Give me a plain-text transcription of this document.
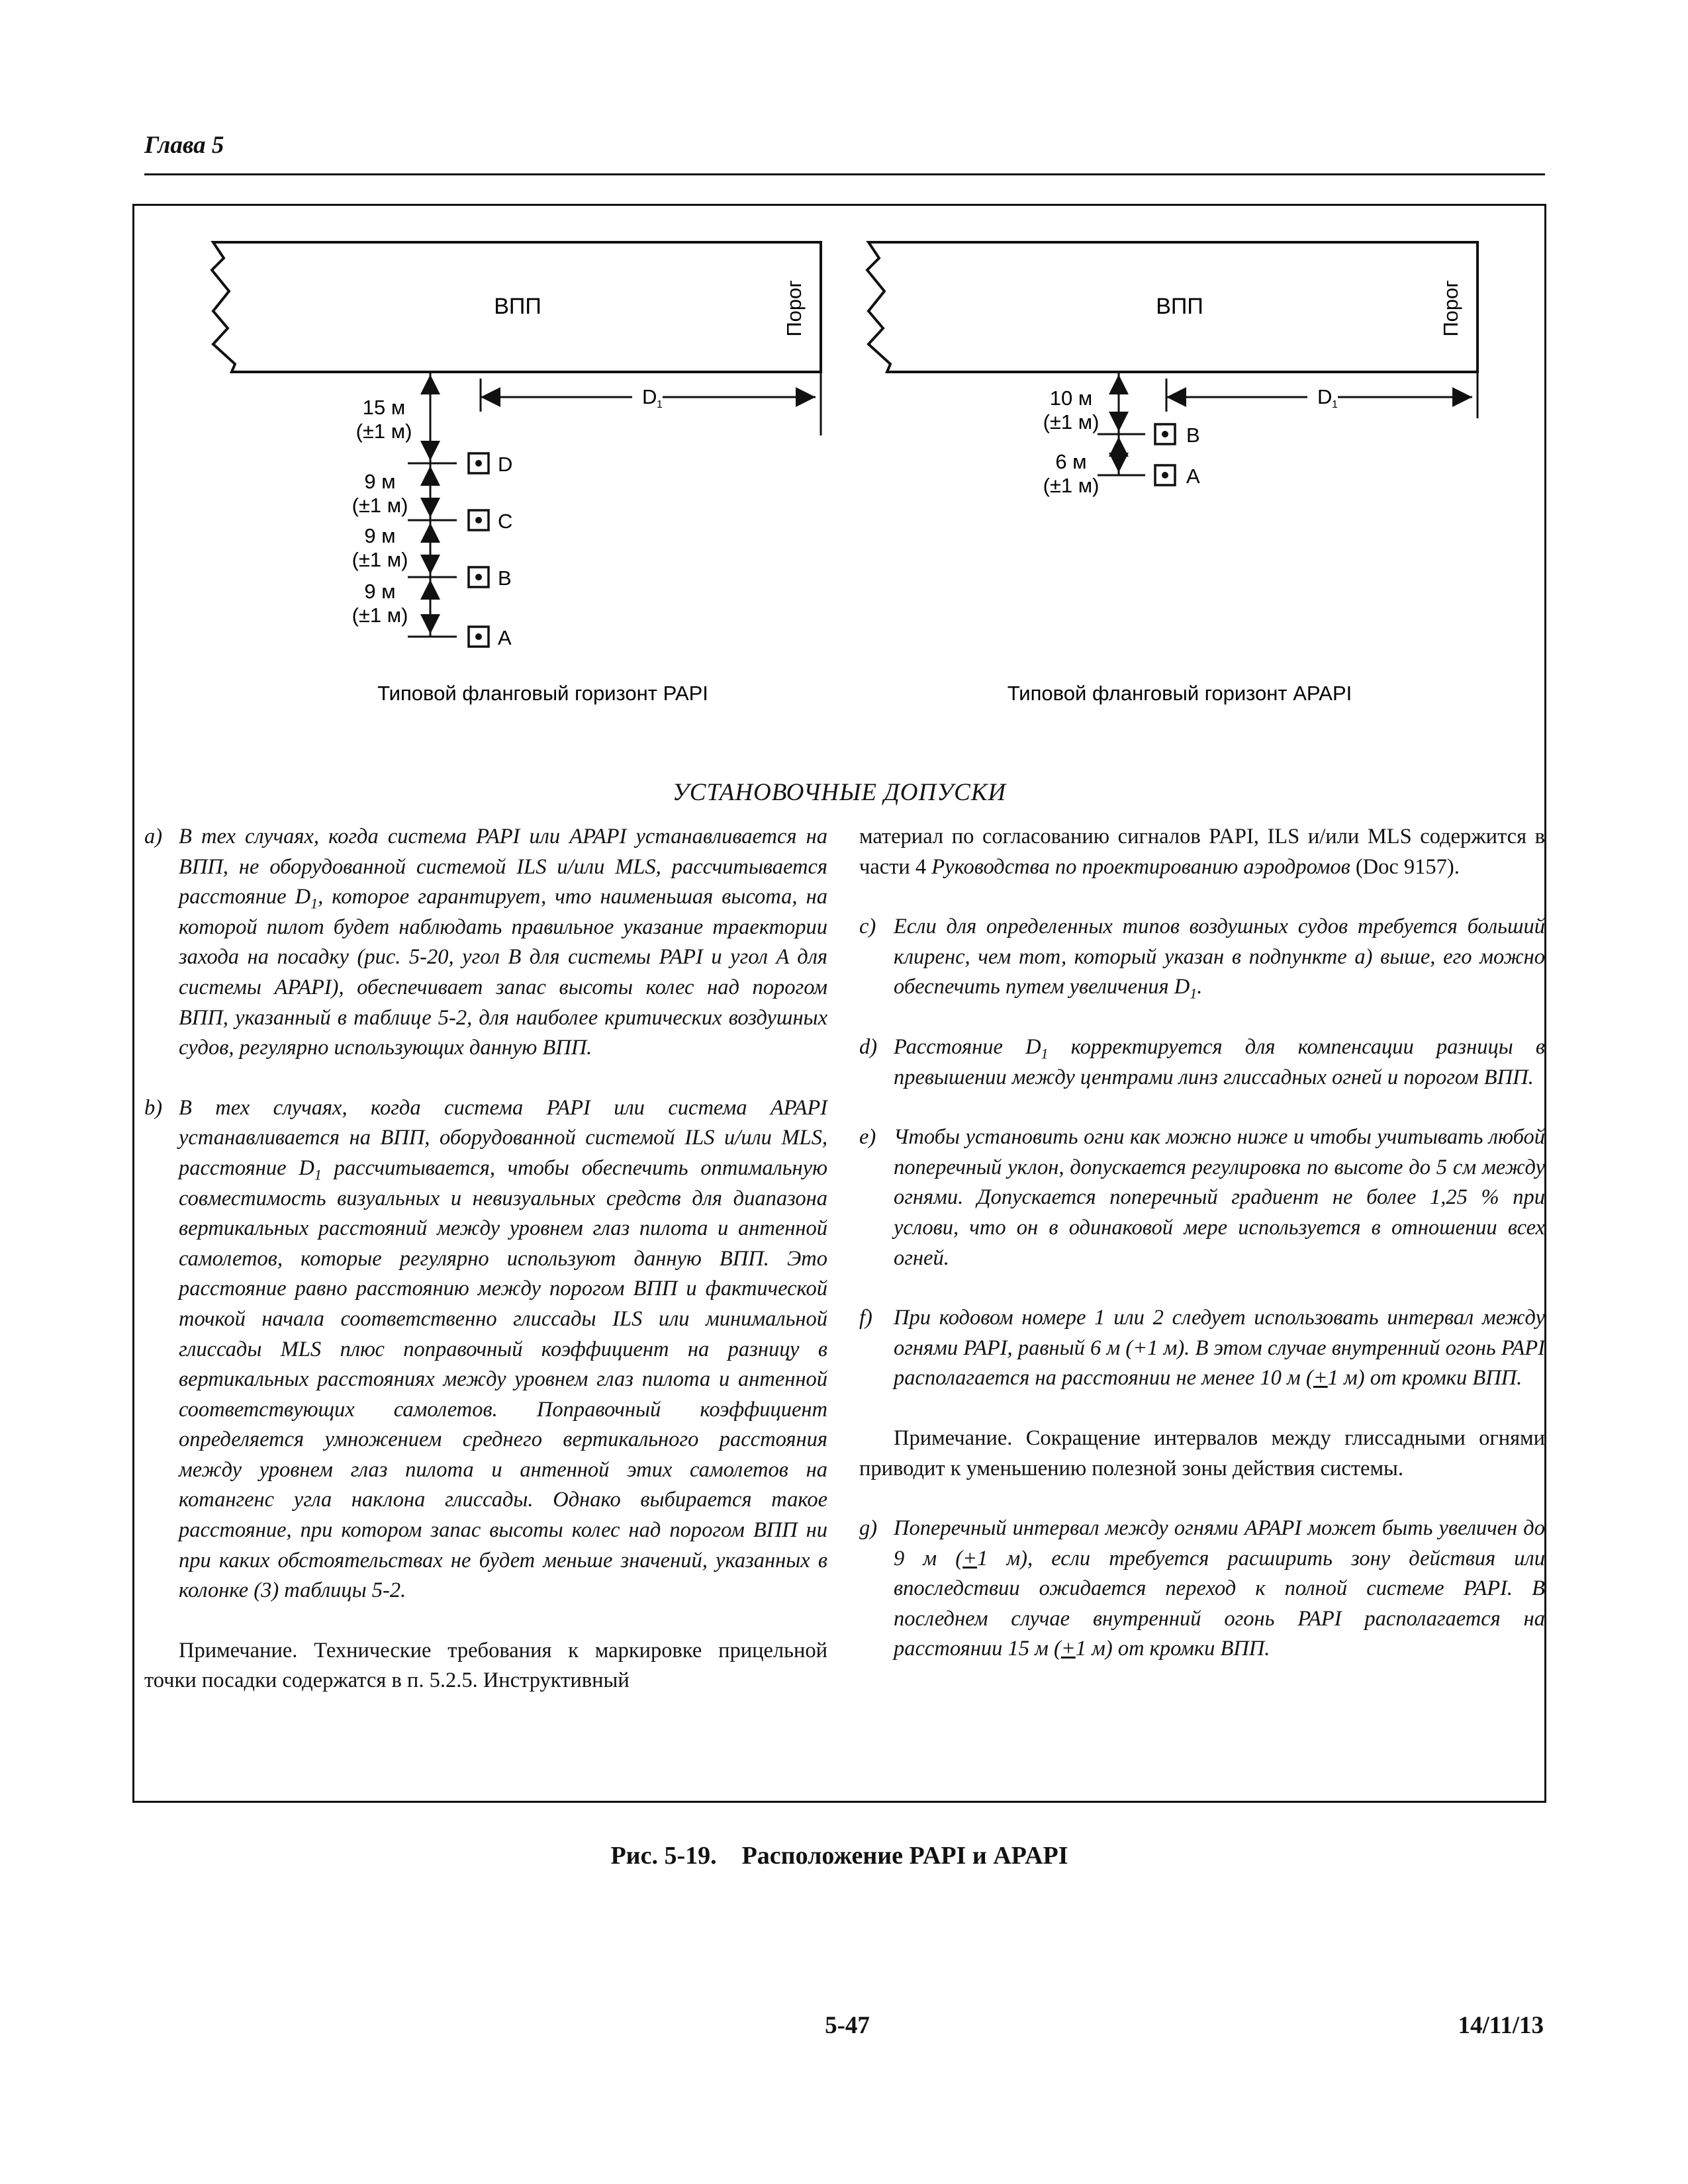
Глава 5
ВПП	Порог
D 1
15 м
(±1 м)
9 м
(±1 м)
9 м
(±1 м)
9 м
(±1 м)
D
C
B
A
Типовой фланговый горизонт PAPI
ВПП	Порог
D 1
10 м
(±1 м)
6 м
(±1 м)
B
A
Типовой фланговый горизонт APAPI
УСТАНОВОЧНЫЕ ДОПУСКИ

a) В тех случаях, когда система PAPI или APAPI устанавливается на ВПП, не оборудованной системой ILS и/или MLS, рассчитывается расстояние $D_1$, которое гарантирует, что наименьшая высота, на которой пилот будет наблюдать правильное указание траектории захода на посадку (рис. 5-20, угол B для системы PAPI и угол A для системы APAPI), обеспечивает запас высоты колес над порогом ВПП, указанный в таблице 5-2, для наиболее критических воздушных судов, регулярно использующих данную ВПП.

b) В тех случаях, когда система PAPI или система APAPI устанавливается на ВПП, оборудованной системой ILS и/или MLS, расстояние $D_1$ рассчитывается, чтобы обеспечить оптимальную совместимость визуальных и невизуальных средств для диапазона вертикальных расстояний между уровнем глаз пилота и антенной самолетов, которые регулярно используют данную ВПП. Это расстояние равно расстоянию между порогом ВПП и фактической точкой начала соответственно глиссады ILS или минимальной глиссады MLS плюс поправочный коэффициент на разницу в вертикальных расстояниях между уровнем глаз пилота и антенной соответствующих самолетов. Поправочный коэффициент определяется умножением среднего вертикального расстояния между уровнем глаз пилота и антенной этих самолетов на котангенс угла наклона глиссады. Однако выбирается такое расстояние, при котором запас высоты колес над порогом ВПП ни при каких обстоятельствах не будет меньше значений, указанных в колонке (3) таблицы 5-2.

Примечание. Технические требования к маркировке прицельной точки посадки содержатся в п. 5.2.5. Инструктивный

материал по согласованию сигналов PAPI, ILS и/или MLS содержится в части 4 Руководства по проектированию аэродромов (Doc 9157).

c) Если для определенных типов воздушных судов требуется больший клиренс, чем тот, который указан в подпункте a) выше, его можно обеспечить путем увеличения $D_1$.

d) Расстояние $D_1$ корректируется для компенсации разницы в превышении между центрами линз глиссадных огней и порогом ВПП.

e) Чтобы установить огни как можно ниже и чтобы учитывать любой поперечный уклон, допускается регулировка по высоте до 5 см между огнями. Допускается поперечный градиент не более 1,25 % при услови, что он в одинаковой мере используется в отношении всех огней.

f) При кодовом номере 1 или 2 следует использовать интервал между огнями PAPI, равный 6 м (+1 м). В этом случае внутренний огонь PAPI располагается на расстоянии не менее 10 м (+1 м) от кромки ВПП.

Примечание. Сокращение интервалов между глиссадными огнями приводит к уменьшению полезной зоны действия системы.

g) Поперечный интервал между огнями APAPI может быть увеличен до 9 м (+1 м), если требуется расширить зону действия или впоследствии ожидается переход к полной системе PAPI. В последнем случае внутренний огонь PAPI располагается на расстоянии 15 м (+1 м) от кромки ВПП.

Рис. 5-19.    Расположение PAPI и APAPI
5-47	14/11/13
